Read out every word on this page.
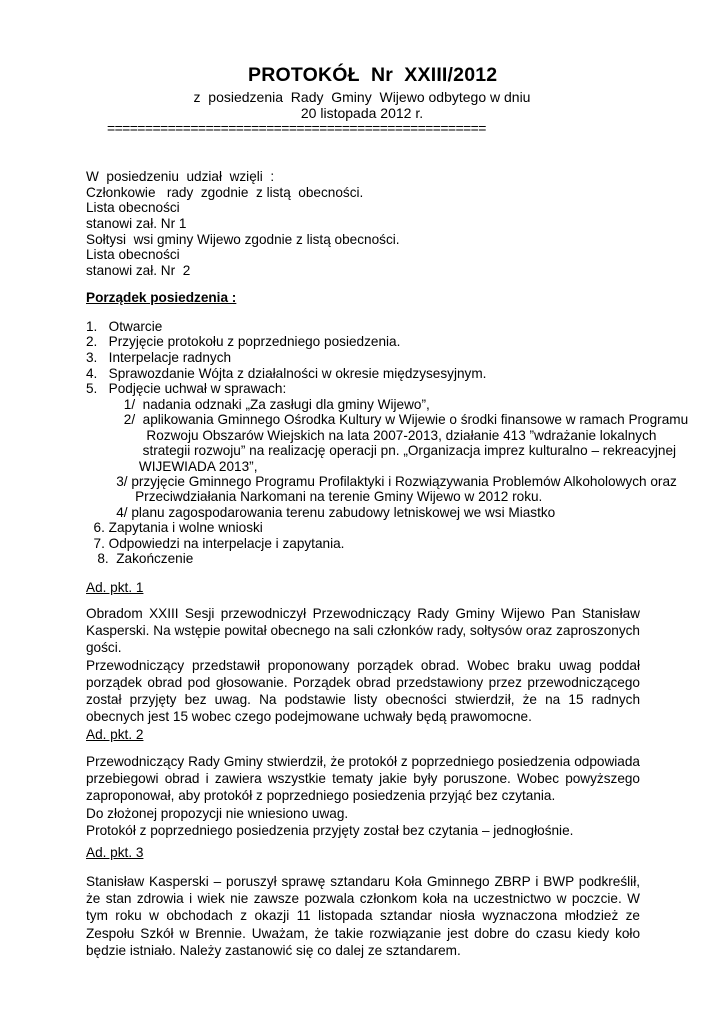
PROTOKÓŁ  Nr  XXIII/2012
z  posiedzenia  Rady  Gminy  Wijewo odbytego w dniu
20 listopada 2012 r.
==================================================
W  posiedzeniu  udział  wzięli  :
Członkowie   rady  zgodnie  z listą  obecności.
Lista obecności
stanowi zał. Nr 1
Sołtysi  wsi gminy Wijewo zgodnie z listą obecności.
Lista obecności
stanowi zał. Nr  2
Porządek posiedzenia :
1.   Otwarcie
2.   Przyjęcie protokołu z poprzedniego posiedzenia.
3.   Interpelacje radnych
4.   Sprawozdanie Wójta z działalności w okresie międzysesyjnym.
5.   Podjęcie uchwał w sprawach:
1/  nadania odznaki „Za zasługi dla gminy Wijewo”,
2/  aplikowania Gminnego Ośrodka Kultury w Wijewie o środki finansowe w ramach Programu
Rozwoju Obszarów Wiejskich na lata 2007-2013, działanie 413 ”wdrażanie lokalnych
strategii rozwoju” na realizację operacji pn. „Organizacja imprez kulturalno – rekreacyjnej
WIJEWIADA 2013”,
3/ przyjęcie Gminnego Programu Profilaktyki i Rozwiązywania Problemów Alkoholowych oraz
Przeciwdziałania Narkomani na terenie Gminy Wijewo w 2012 roku.
4/ planu zagospodarowania terenu zabudowy letniskowej we wsi Miastko
6. Zapytania i wolne wnioski
7. Odpowiedzi na interpelacje i zapytania.
8.  Zakończenie
Ad. pkt. 1

Obradom XXIII Sesji przewodniczył Przewodniczący Rady Gminy Wijewo Pan Stanisław Kasperski. Na wstępie powitał obecnego na sali członków rady, sołtysów oraz zaproszonych gości.

Przewodniczący przedstawił proponowany porządek obrad. Wobec braku uwag poddał porządek obrad pod głosowanie. Porządek obrad przedstawiony przez przewodniczącego został przyjęty bez uwag. Na podstawie listy obecności stwierdził, że na 15 radnych obecnych jest 15 wobec czego podejmowane uchwały będą prawomocne.

Ad. pkt. 2

Przewodniczący Rady Gminy stwierdził, że protokół z poprzedniego posiedzenia odpowiada przebiegowi obrad i zawiera wszystkie tematy jakie były poruszone. Wobec powyższego zaproponował, aby protokół z poprzedniego posiedzenia przyjąć bez czytania.

Do złożonej propozycji nie wniesiono uwag.

Protokół z poprzedniego posiedzenia przyjęty został bez czytania – jednogłośnie.

Ad. pkt. 3

Stanisław Kasperski – poruszył sprawę sztandaru Koła Gminnego ZBRP i BWP podkreślił, że stan zdrowia i wiek nie zawsze pozwala członkom koła na uczestnictwo w poczcie. W tym roku w obchodach z okazji 11 listopada sztandar niosła wyznaczona młodzież ze Zespołu Szkół w Brennie. Uważam, że takie rozwiązanie jest dobre do czasu kiedy koło będzie istniało. Należy zastanowić się co dalej ze sztandarem.
